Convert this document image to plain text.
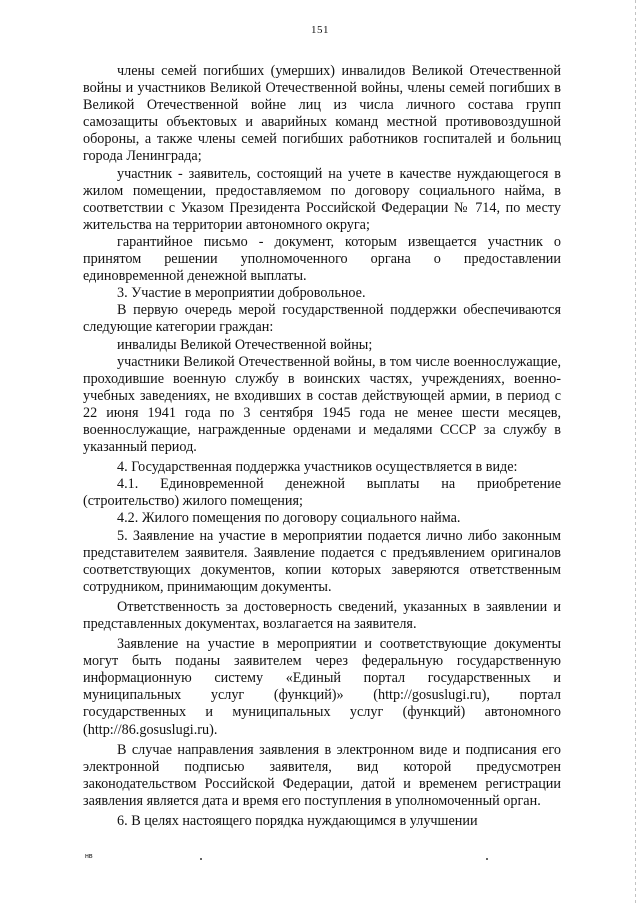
151

члены семей погибших (умерших) инвалидов Великой Отечественной войны и участников Великой Отечественной войны, члены семей погибших в Великой Отечественной войне лиц из числа личного состава групп самозащиты объектовых и аварийных команд местной противовоздушной обороны, а также члены семей погибших работников госпиталей и больниц города Ленинграда;

участник - заявитель, состоящий на учете в качестве нуждающегося в жилом помещении, предоставляемом по договору социального найма, в соответствии с Указом Президента Российской Федерации № 714, по месту жительства на территории автономного округа;

гарантийное письмо - документ, которым извещается участник о принятом решении уполномоченного органа о предоставлении единовременной денежной выплаты.

3. Участие в мероприятии добровольное.

В первую очередь мерой государственной поддержки обеспечиваются следующие категории граждан:

инвалиды Великой Отечественной войны;

участники Великой Отечественной войны, в том числе военнослужащие, проходившие военную службу в воинских частях, учреждениях, военно-учебных заведениях, не входивших в состав действующей армии, в период с 22 июня 1941 года по 3 сентября 1945 года не менее шести месяцев, военнослужащие, награжденные орденами и медалями СССР за службу в указанный период.

4. Государственная поддержка участников осуществляется в виде:

4.1. Единовременной денежной выплаты на приобретение (строительство) жилого помещения;

4.2. Жилого помещения по договору социального найма.

5. Заявление на участие в мероприятии подается лично либо законным представителем заявителя. Заявление подается с предъявлением оригиналов соответствующих документов, копии которых заверяются ответственным сотрудником, принимающим документы.

Ответственность за достоверность сведений, указанных в заявлении и представленных документах, возлагается на заявителя.

Заявление на участие в мероприятии и соответствующие документы могут быть поданы заявителем через федеральную государственную информационную систему «Единый портал государственных и муниципальных услуг (функций)» (http://gosuslugi.ru), портал государственных и муниципальных услуг (функций) автономного (http://86.gosuslugi.ru).

В случае направления заявления в электронном виде и подписания его электронной подписью заявителя, вид которой предусмотрен законодательством Российской Федерации, датой и временем регистрации заявления является дата и время его поступления в уполномоченный орган.

6. В целях настоящего порядка нуждающимся в улучшении

нв
